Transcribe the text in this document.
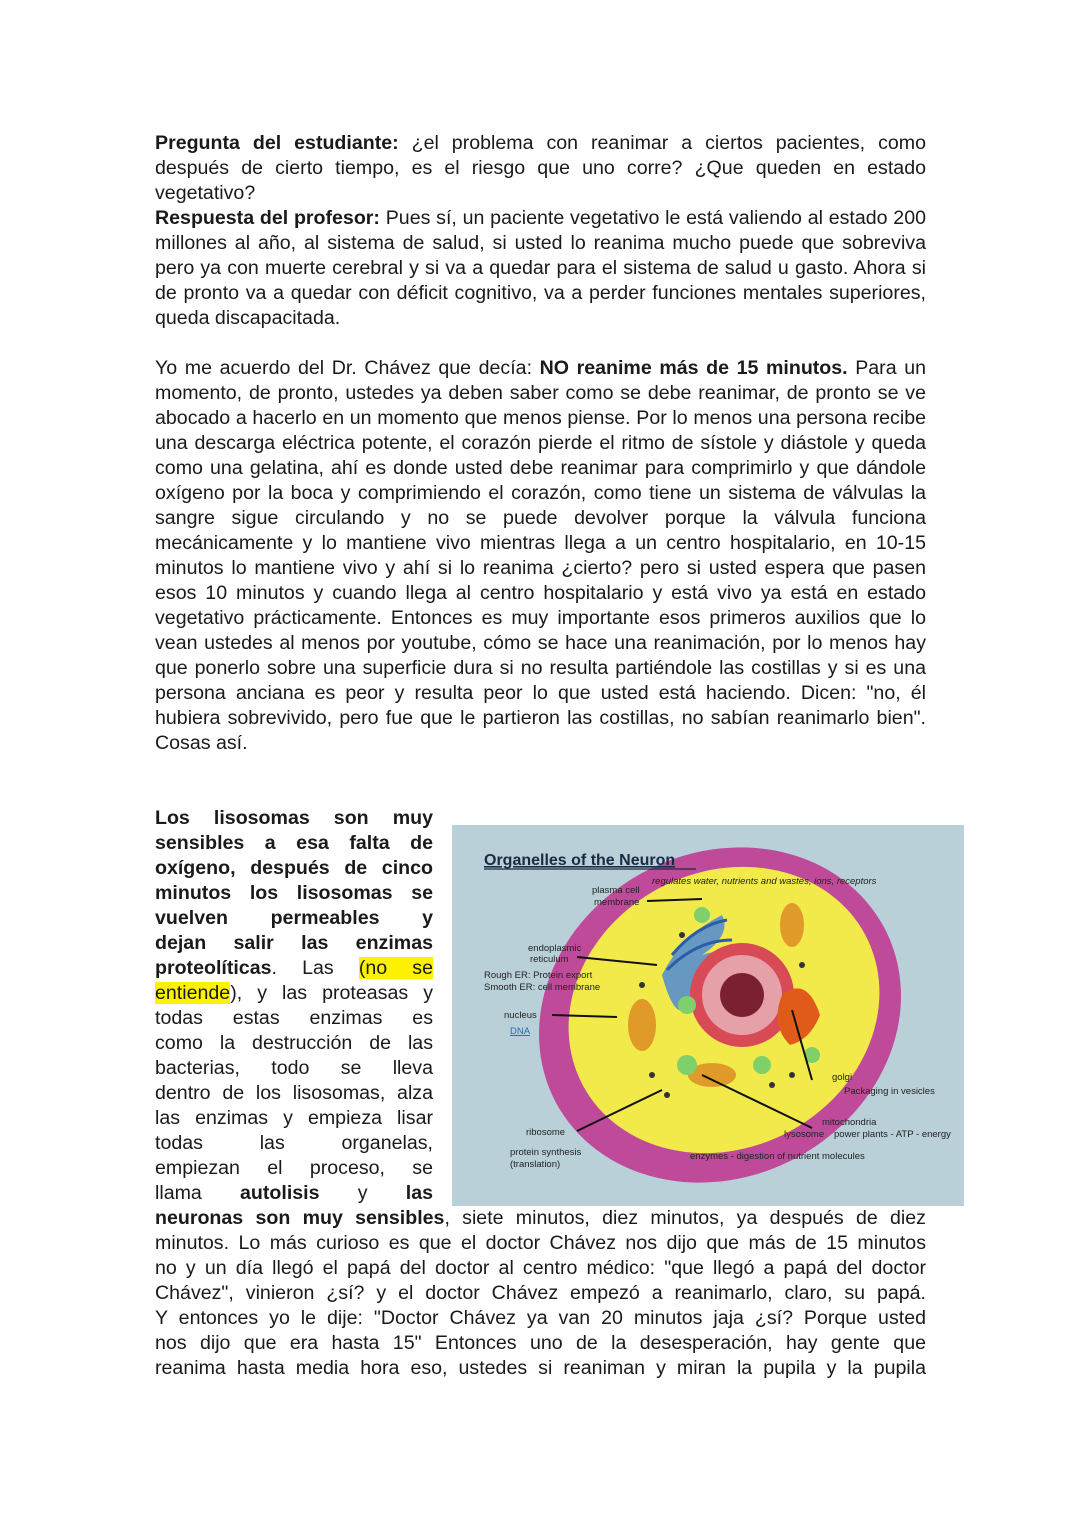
Pregunta del estudiante: ¿el problema con reanimar a ciertos pacientes, como después de cierto tiempo, es el riesgo que uno corre? ¿Que queden en estado vegetativo?
Respuesta del profesor: Pues sí, un paciente vegetativo le está valiendo al estado 200 millones al año, al sistema de salud, si usted lo reanima mucho puede que sobreviva pero ya con muerte cerebral y si va a quedar para el sistema de salud u gasto. Ahora si de pronto va a quedar con déficit cognitivo, va a perder funciones mentales superiores, queda discapacitada.

Yo me acuerdo del Dr. Chávez que decía: NO reanime más de 15 minutos. Para un momento, de pronto, ustedes ya deben saber como se debe reanimar, de pronto se ve abocado a hacerlo en un momento que menos piense. Por lo menos una persona recibe una descarga eléctrica potente, el corazón pierde el ritmo de sístole y diástole y queda como una gelatina, ahí es donde usted debe reanimar para comprimirlo y que dándole oxígeno por la boca y comprimiendo el corazón, como tiene un sistema de válvulas la sangre sigue circulando y no se puede devolver porque la válvula funciona mecánicamente y lo mantiene vivo mientras llega a un centro hospitalario, en 10-15 minutos lo mantiene vivo y ahí si lo reanima ¿cierto? pero si usted espera que pasen esos 10 minutos y cuando llega al centro hospitalario y está vivo ya está en estado vegetativo prácticamente. Entonces es muy importante esos primeros auxilios que lo vean ustedes al menos por youtube, cómo se hace una reanimación, por lo menos hay que ponerlo sobre una superficie dura si no resulta partiéndole las costillas y si es una persona anciana es peor y resulta peor lo que usted está haciendo. Dicen: "no, él hubiera sobrevivido, pero fue que le partieron las costillas, no sabían reanimarlo bien". Cosas así.

Los lisosomas son muy
sensibles a esa falta de
oxígeno, después de cinco
minutos los lisosomas se
vuelven permeables y
dejan salir las enzimas
proteolíticas. Las (no se
entiende), y las proteasas y
todas estas enzimas es
como la destrucción de las
bacterias, todo se lleva
dentro de los lisosomas, alza
las enzimas y empieza lisar
todas las organelas,
empiezan el proceso, se
llama autolisis y las
neuronas son muy sensibles, siete minutos, diez minutos, ya después de diez
minutos. Lo más curioso es que el doctor Chávez nos dijo que más de 15 minutos
no y un día llegó el papá del doctor al centro médico: "que llegó a papá del doctor
Chávez", vinieron ¿sí? y el doctor Chávez empezó a reanimarlo, claro, su papá.
Y entonces yo le dije: "Doctor Chávez ya van 20 minutos jaja ¿sí? Porque usted
nos dijo que era hasta 15" Entonces uno de la desesperación, hay gente que
reanima hasta media hora eso, ustedes si reaniman y miran la pupila y la pupila
Organelles of the Neuron
regulates water, nutrients and wastes, ions, receptors
plasma cell
membrane
endoplasmic
reticulum
Rough ER: Protein export
Smooth ER: cell membrane
nucleus
DNA
golgi
Packaging in vesicles
mitochondria
lysosome power plants - ATP - energy
ribosome
protein synthesis
(translation)
enzymes - digestion of nutrient molecules
